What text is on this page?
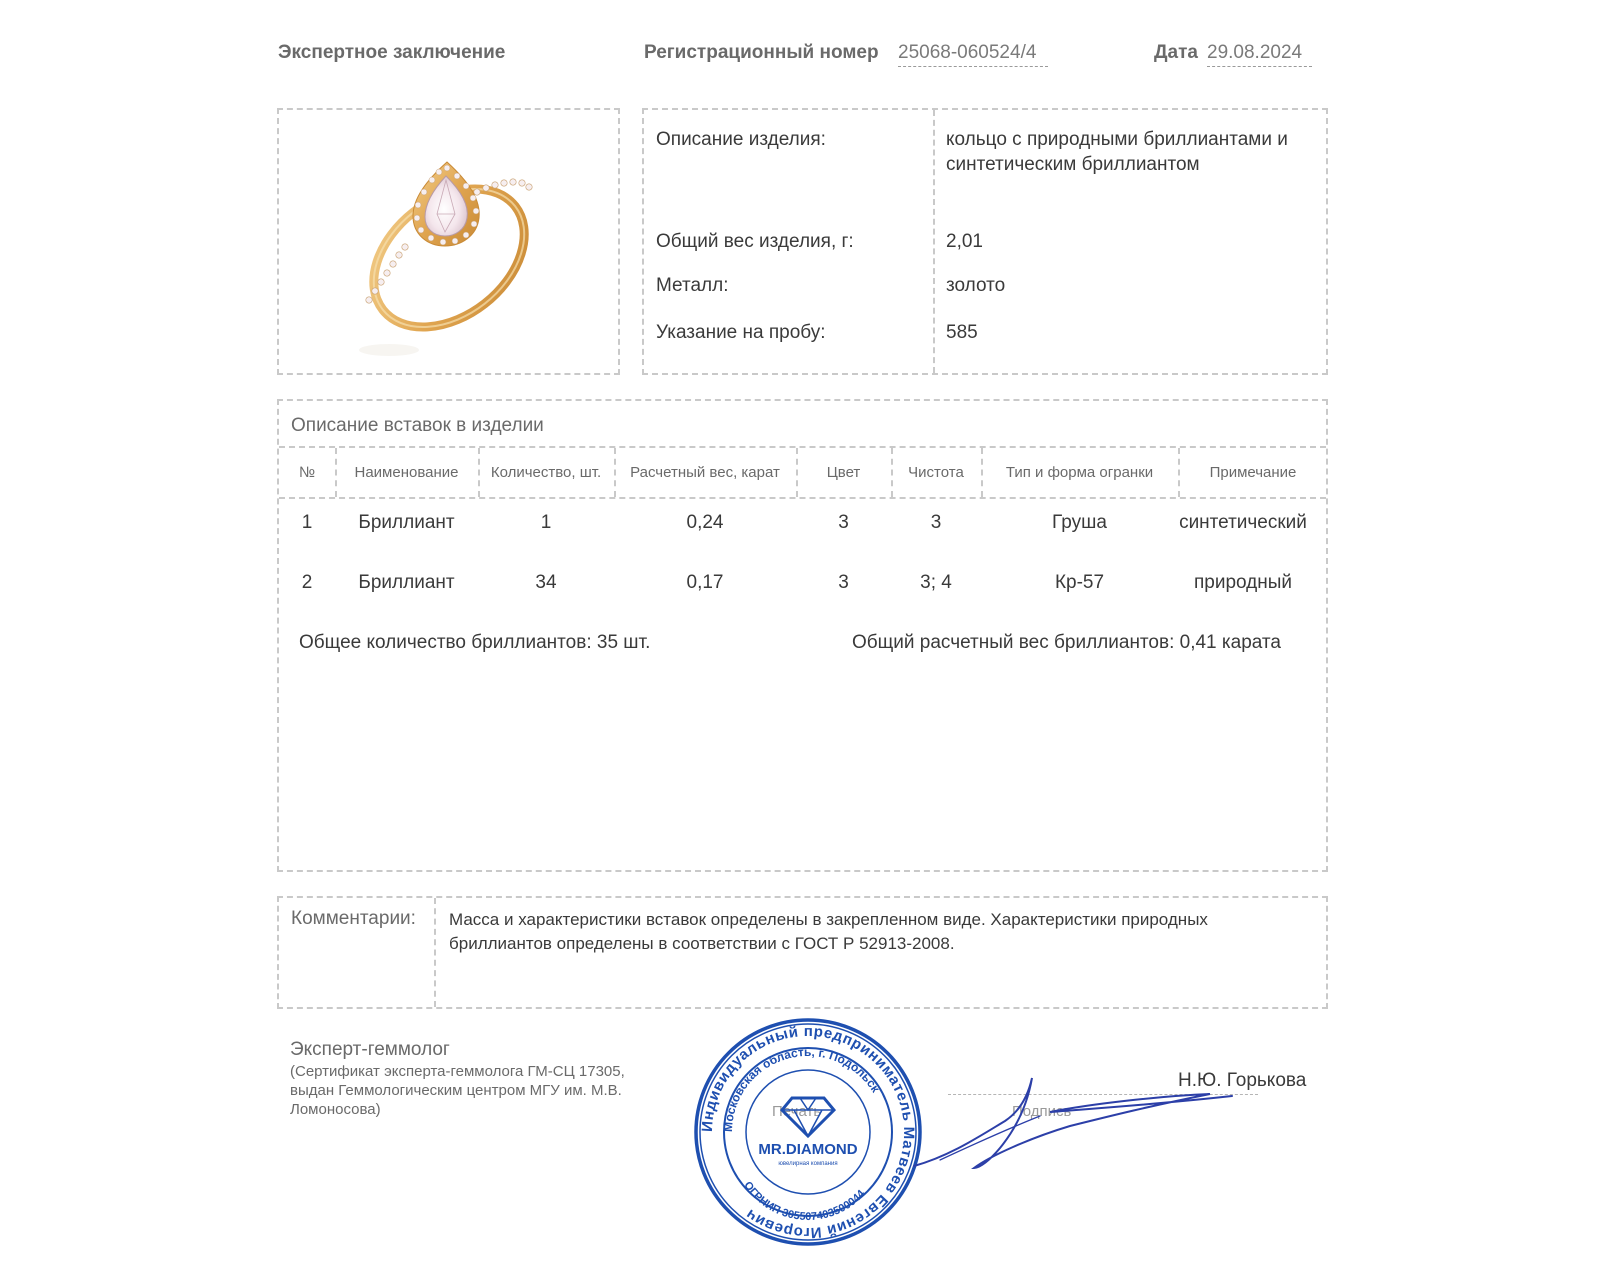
Экспертное заключение	Регистрационный номер 25068-060524/4	Дата 29.08.2024
Описание изделия:	кольцо с природными бриллиантами и синтетическим бриллиантом
Общий вес изделия, г:	2,01
Металл:	золото
Указание на пробу:	585
Описание вставок в изделии
№	Наименование	Количество, шт.	Расчетный вес, карат	Цвет	Чистота	Тип и форма огранки	Примечание
1	Бриллиант	1	0,24	3	3	Груша	синтетический
2	Бриллиант	34	0,17	3	3; 4	Кр-57	природный
Общее количество бриллиантов: 35 шт.	Общий расчетный вес бриллиантов: 0,41 карата
Комментарии: Масса и характеристики вставок определены в закрепленном виде. Характеристики природных бриллиантов определены в соответствии с ГОСТ Р 52913-2008.
Эксперт-геммолог
(Сертификат эксперта-геммолога ГМ-СЦ 17305, выдан Геммологическим центром МГУ им. М.В. Ломоносова)	Печать	Подпись
Н.Ю. Горькова
Индивидуальный предприниматель Матвеев Евгений Игоревич
Московская область, г. Подольск
ОГРНИП 305507403500044
MR.DIAMOND
ювелирная компания
